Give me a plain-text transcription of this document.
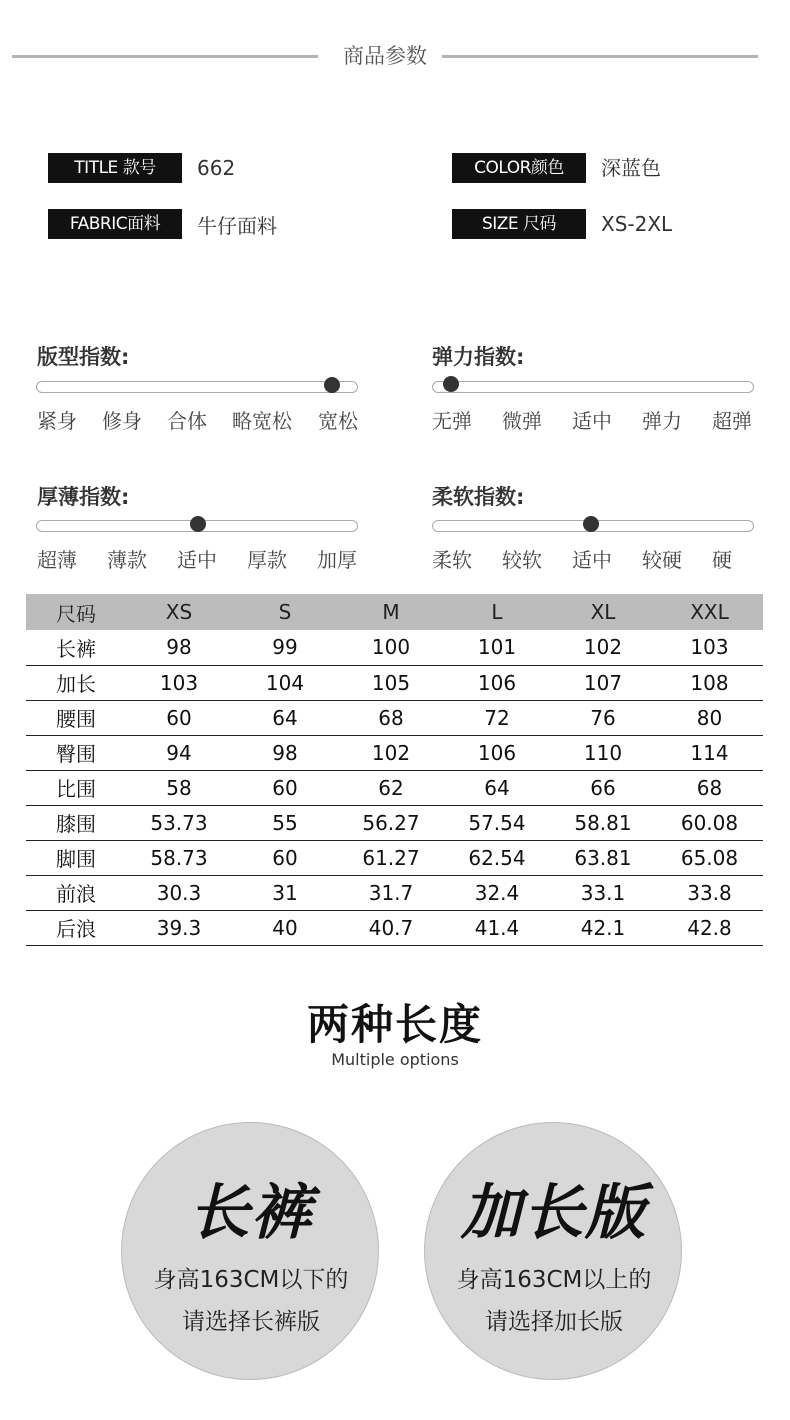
商品参数
TITLE 款号	662	COLOR颜色	深蓝色
FABRIC面料	牛仔面料	SIZE 尺码	XS-2XL
版型指数:
紧身 修身 合体 略宽松 宽松
弹力指数:
无弹 微弹 适中 弹力 超弹
厚薄指数:
超薄 薄款 适中 厚款 加厚
柔软指数:
柔软 较软 适中 较硬 硬
尺码	XS	S	M	L	XL	XXL
长裤	98	99	100	101	102	103
加长	103	104	105	106	107	108
腰围	60	64	68	72	76	80
臀围	94	98	102	106	110	114
比围	58	60	62	64	66	68
膝围	53.73	55	56.27	57.54	58.81	60.08
脚围	58.73	60	61.27	62.54	63.81	65.08
前浪	30.3	31	31.7	32.4	33.1	33.8
后浪	39.3	40	40.7	41.4	42.1	42.8
两种长度
Multiple options
长裤
身高163CM以下的
请选择长裤版
加长版
身高163CM以上的
请选择加长版
